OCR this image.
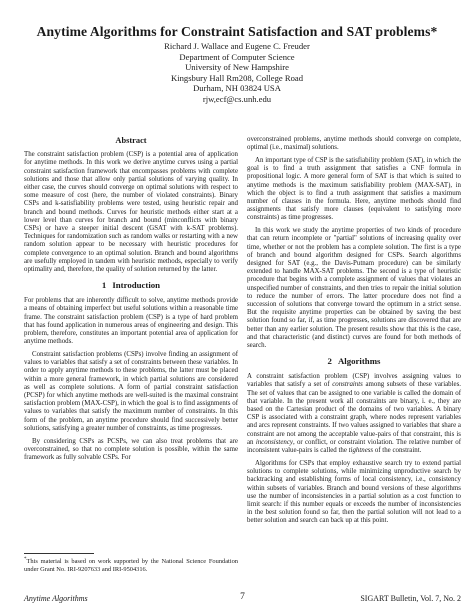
Anytime Algorithms for Constraint Satisfaction and SAT problems*
Richard J. Wallace and Eugene C. Freuder
Department of Computer Science
University of New Hampshire
Kingsbury Hall Rm208, College Road
Durham, NH 03824 USA
rjw,ecf@cs.unh.edu
Abstract

The constraint satisfaction problem (CSP) is a potential area of application for anytime methods. In this work we derive anytime curves using a partial constraint satisfaction framework that encompasses problems with complete solutions and those that allow only partial solutions of varying quality. In either case, the curves should converge on optimal solutions with respect to some measure of cost (here, the number of violated constraints). Binary CSPs and k-satisfiability problems were tested, using heuristic repair and branch and bound methods. Curves for heuristic methods either start at a lower level than curves for branch and bound (minconflicts with binary CSPs) or have a steeper initial descent (GSAT with k-SAT problems). Techniques for randomization such as random walks or restarting with a new random solution appear to be necessary with heuristic procedures for complete convergence to an optimal solution. Branch and bound algorithms are usefully employed in tandem with heuristic methods, especially to verify optimality and, therefore, the quality of solution returned by the latter.

1 Introduction

For problems that are inherently difficult to solve, anytime methods provide a means of obtaining imperfect but useful solutions within a reasonable time frame. The constraint satisfaction problem (CSP) is a type of hard problem that has found application in numerous areas of engineering and design. This problem, therefore, constitutes an important potential area of application for anytime methods.

Constraint satisfaction problems (CSPs) involve finding an assignment of values to variables that satisfy a set of constraints between these variables. In order to apply anytime methods to these problems, the latter must be placed within a more general framework, in which partial solutions are considered as well as complete solutions. A form of partial constraint satisfaction (PCSP) for which anytime methods are well-suited is the maximal constraint satisfaction problem (MAX-CSP), in which the goal is to find assignments of values to variables that satisfy the maximum number of constraints. In this form of the problem, an anytime procedure should find successively better solutions, satisfying a greater number of constraints, as time progresses.

By considering CSPs as PCSPs, we can also treat problems that are overconstrained, so that no complete solution is possible, within the same framework as fully solvable CSPs. For

*This material is based on work supported by the National Science Foundation under Grant No. IRI-9207633 and IRI-9504316.

overconstrained problems, anytime methods should converge on complete, optimal (i.e., maximal) solutions.

An important type of CSP is the satisfiability problem (SAT), in which the goal is to find a truth assignment that satisfies a CNF formula in propositional logic. A more general form of SAT is that which is suited to anytime methods is the maximum satisfiability problem (MAX-SAT), in which the object is to find a truth assignment that satisfies a maximum number of clauses in the formula. Here, anytime methods should find assignments that satisfy more clauses (equivalent to satisfying more constraints) as time progresses.

In this work we study the anytime properties of two kinds of procedure that can return incomplete or "partial" solutions of increasing quality over time, whether or not the problem has a complete solution. The first is a type of branch and bound algorithm designed for CSPs. Search algorithms designed for SAT (e.g., the Davis-Putnam procedure) can be similarly extended to handle MAX-SAT problems. The second is a type of heuristic procedure that begins with a complete assignment of values that violates an unspecified number of constraints, and then tries to repair the initial solution to reduce the number of errors. The latter procedure does not find a succession of solutions that converge toward the optimum in a strict sense. But the requisite anytime properties can be obtained by saving the best solution found so far, if, as time progresses, solutions are discovered that are better than any earlier solution. The present results show that this is the case, and that characteristic (and distinct) curves are found for both methods of search.

2 Algorithms

A constraint satisfaction problem (CSP) involves assigning values to variables that satisfy a set of constraints among subsets of these variables. The set of values that can be assigned to one variable is called the domain of that variable. In the present work all constraints are binary, i. e., they are based on the Cartesian product of the domains of two variables. A binary CSP is associated with a constraint graph, where nodes represent variables and arcs represent constraints. If two values assigned to variables that share a constraint are not among the acceptable value-pairs of that constraint, this is an inconsistency, or conflict, or constraint violation. The relative number of inconsistent value-pairs is called the tightness of the constraint.

Algorithms for CSPs that employ exhaustive search try to extend partial solutions to complete solutions, while minimizing unproductive search by backtracking and establishing forms of local consistency, i.e., consistency within subsets of variables. Branch and bound versions of these algorithms use the number of inconsistencies in a partial solution as a cost function to limit search: if this number equals or exceeds the number of inconsistencies in the best solution found so far, then the partial solution will not lead to a better solution and search can back up at this point.

Anytime Algorithms	7	SIGART Bulletin, Vol. 7, No. 2
